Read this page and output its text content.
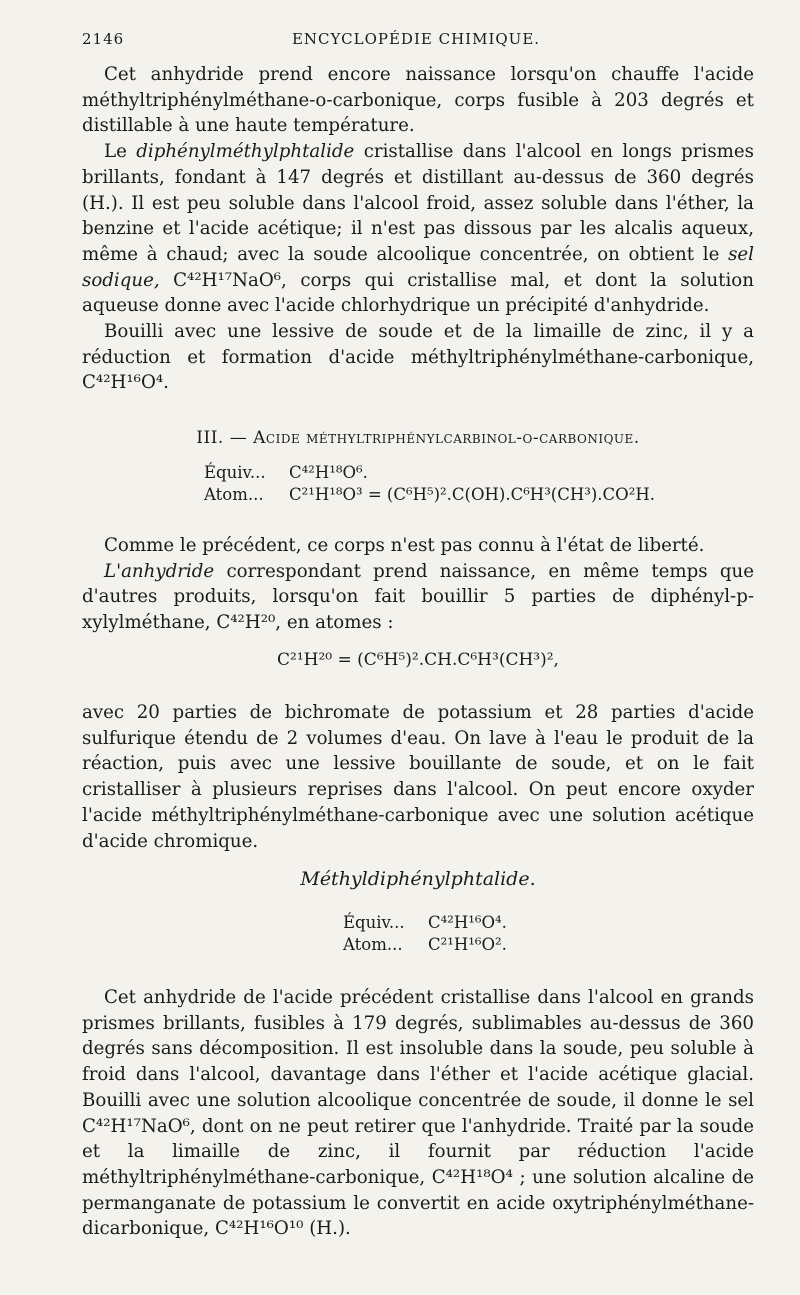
2146	ENCYCLOPÉDIE CHIMIQUE.

Cet anhydride prend encore naissance lorsqu'on chauffe l'acide méthyltriphénylméthane-o-carbonique, corps fusible à 203 degrés et distillable à une haute température.

Le diphénylméthylphtalide cristallise dans l'alcool en longs prismes brillants, fondant à 147 degrés et distillant au-dessus de 360 degrés (H.). Il est peu soluble dans l'alcool froid, assez soluble dans l'éther, la benzine et l'acide acétique; il n'est pas dissous par les alcalis aqueux, même à chaud; avec la soude alcoolique concentrée, on obtient le sel sodique, C⁴²H¹⁷NaO⁶, corps qui cristallise mal, et dont la solution aqueuse donne avec l'acide chlorhydrique un précipité d'anhydride.

Bouilli avec une lessive de soude et de la limaille de zinc, il y a réduction et formation d'acide méthyltriphénylméthane-carbonique, C⁴²H¹⁶O⁴.

III. — Acide méthyltriphénylcarbinol-o-carbonique.
Équiv... C⁴²H¹⁸O⁶.
Atom... C²¹H¹⁸O³ = (C⁶H⁵)².C(OH).C⁶H³(CH³).CO²H.

Comme le précédent, ce corps n'est pas connu à l'état de liberté.

L'anhydride correspondant prend naissance, en même temps que d'autres produits, lorsqu'on fait bouillir 5 parties de diphényl-p-xylylméthane, C⁴²H²⁰, en atomes :

C²¹H²⁰ = (C⁶H⁵)².CH.C⁶H³(CH³)²,

avec 20 parties de bichromate de potassium et 28 parties d'acide sulfurique étendu de 2 volumes d'eau. On lave à l'eau le produit de la réaction, puis avec une lessive bouillante de soude, et on le fait cristalliser à plusieurs reprises dans l'alcool. On peut encore oxyder l'acide méthyltriphénylméthane-carbonique avec une solution acétique d'acide chromique.

Méthyldiphénylphtalide.
Équiv... C⁴²H¹⁶O⁴.
Atom... C²¹H¹⁶O².

Cet anhydride de l'acide précédent cristallise dans l'alcool en grands prismes brillants, fusibles à 179 degrés, sublimables au-dessus de 360 degrés sans décomposition. Il est insoluble dans la soude, peu soluble à froid dans l'alcool, davantage dans l'éther et l'acide acétique glacial. Bouilli avec une solution alcoolique concentrée de soude, il donne le sel C⁴²H¹⁷NaO⁶, dont on ne peut retirer que l'anhydride. Traité par la soude et la limaille de zinc, il fournit par réduction l'acide méthyltriphénylméthane-carbonique, C⁴²H¹⁸O⁴ ; une solution alcaline de permanganate de potassium le convertit en acide oxytriphénylméthane-dicarbonique, C⁴²H¹⁶O¹⁰ (H.).
